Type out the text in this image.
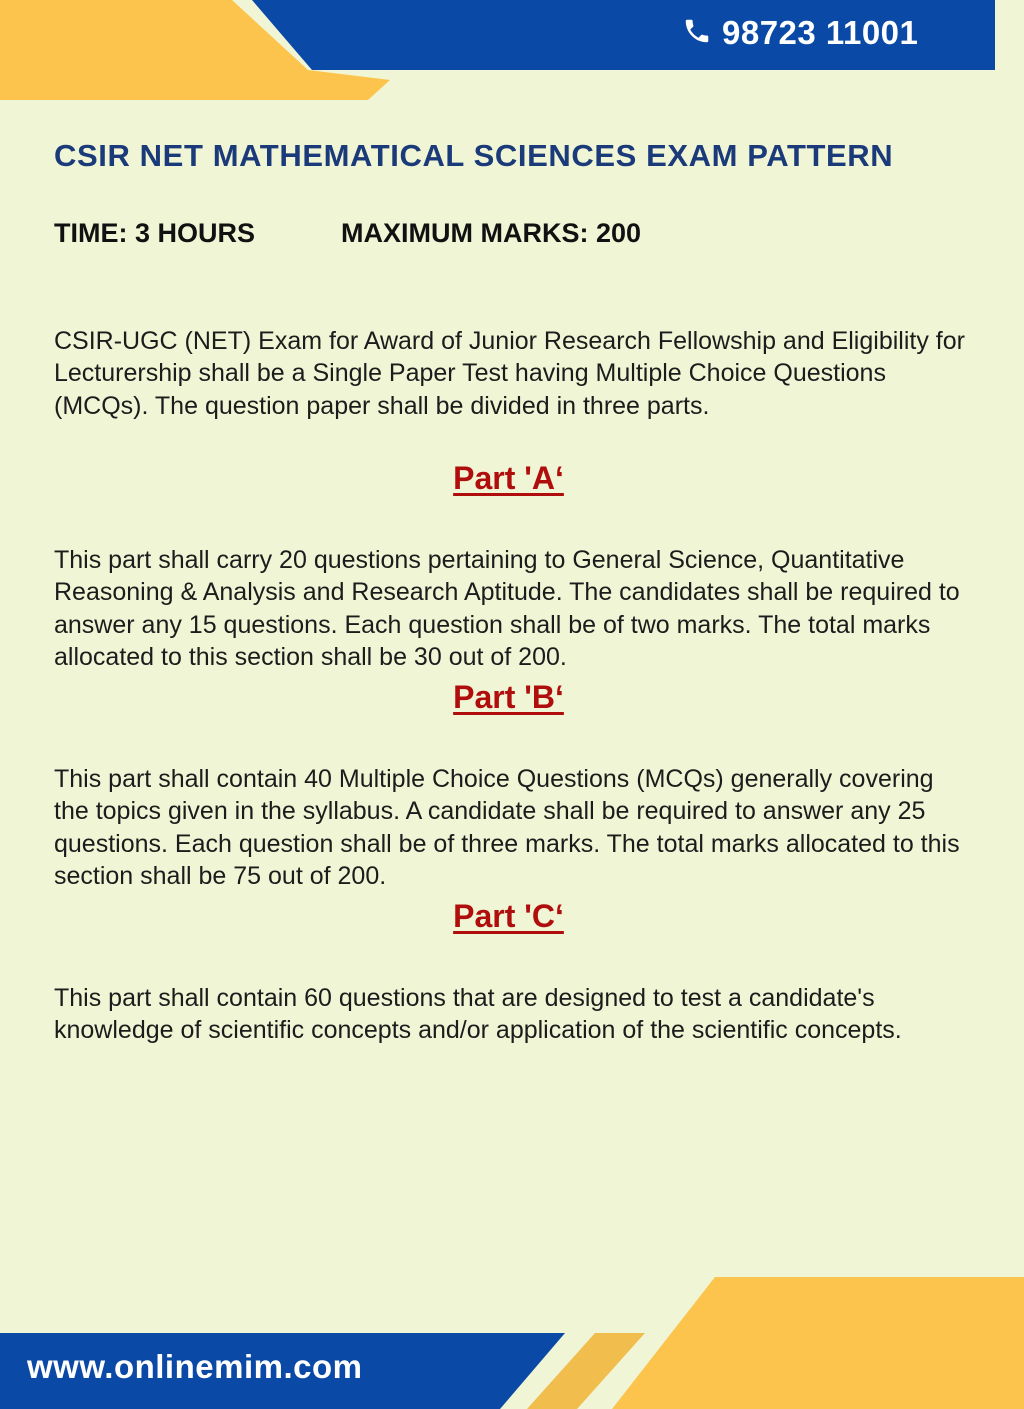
98723 11001
CSIR NET MATHEMATICAL SCIENCES EXAM PATTERN
TIME: 3 HOURS	MAXIMUM MARKS: 200

CSIR-UGC (NET) Exam for Award of Junior Research Fellowship and Eligibility for Lecturership shall be a Single Paper Test having Multiple Choice Questions (MCQs). The question paper shall be divided in three parts.

Part 'A‘

This part shall carry 20 questions pertaining to General Science, Quantitative Reasoning & Analysis and Research Aptitude. The candidates shall be required to answer any 15 questions. Each question shall be of two marks. The total marks allocated to this section shall be 30 out of 200.

Part 'B‘

This part shall contain 40 Multiple Choice Questions (MCQs) generally covering the topics given in the syllabus. A candidate shall be required to answer any 25 questions. Each question shall be of three marks. The total marks allocated to this section shall be 75 out of 200.

Part 'C‘

This part shall contain 60 questions that are designed to test a candidate's knowledge of scientific concepts and/or application of the scientific concepts.

www.onlinemim.com
